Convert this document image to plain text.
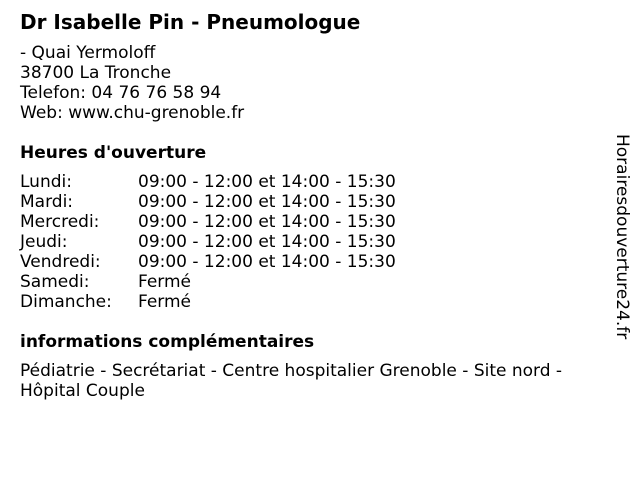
Dr Isabelle Pin - Pneumologue
- Quai Yermoloff
38700 La Tronche
Telefon: 04 76 76 58 94
Web: www.chu-grenoble.fr
Heures d'ouverture
Lundi:	09:00 - 12:00 et 14:00 - 15:30
Mardi:	09:00 - 12:00 et 14:00 - 15:30
Mercredi:	09:00 - 12:00 et 14:00 - 15:30
Jeudi:	09:00 - 12:00 et 14:00 - 15:30
Vendredi:	09:00 - 12:00 et 14:00 - 15:30
Samedi:	Fermé
Dimanche:	Fermé
informations complémentaires
Pédiatrie - Secrétariat - Centre hospitalier Grenoble - Site nord - Hôpital Couple
Horairesdouverture24.fr
